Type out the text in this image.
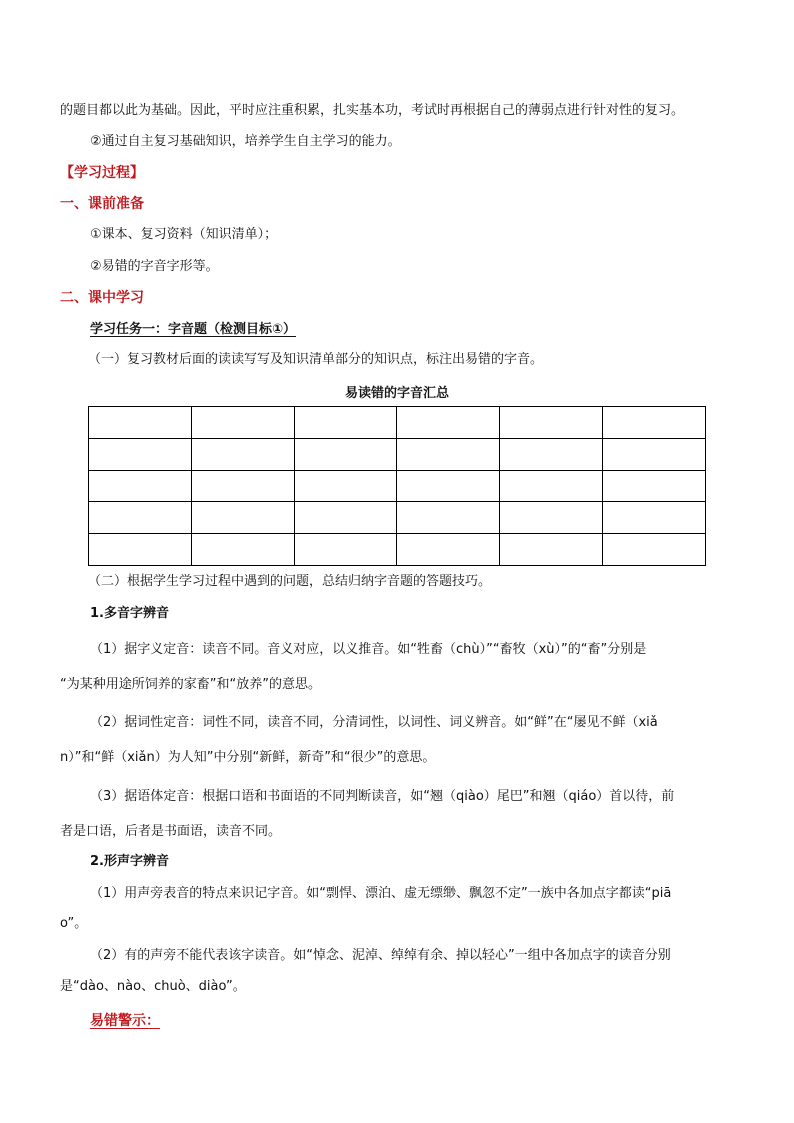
的题目都以此为基础。因此，平时应注重积累，扎实基本功，考试时再根据自己的薄弱点进行针对性的复习。
②通过自主复习基础知识，培养学生自主学习的能力。
【学习过程】
一、课前准备
①课本、复习资料（知识清单）；
②易错的字音字形等。
二、课中学习
学习任务一：字音题（检测目标①）
（一）复习教材后面的读读写写及知识清单部分的知识点，标注出易错的字音。
易读错的字音汇总

（二）根据学生学习过程中遇到的问题，总结归纳字音题的答题技巧。
1.多音字辨音
（1）据字义定音：读音不同。音义对应，以义推音。如“牲畜（chù）”“畜牧（xù）”的“畜”分别是
“为某种用途所饲养的家畜”和“放养”的意思。
（2）据词性定音：词性不同，读音不同，分清词性，以词性、词义辨音。如“鲜”在“屡见不鲜（xiǎ
n）”和“鲜（xiǎn）为人知”中分别“新鲜，新奇”和“很少”的意思。
（3）据语体定音：根据口语和书面语的不同判断读音，如“翘（qiào）尾巴”和翘（qiáo）首以待，前
者是口语，后者是书面语，读音不同。
2.形声字辨音
（1）用声旁表音的特点来识记字音。如“剽悍、漂泊、虚无缥缈、飘忽不定”一族中各加点字都读“piā
o”。
（2）有的声旁不能代表该字读音。如“悼念、泥淖、绰绰有余、掉以轻心”一组中各加点字的读音分别
是“dào、nào、chuò、diào”。
易错警示：
